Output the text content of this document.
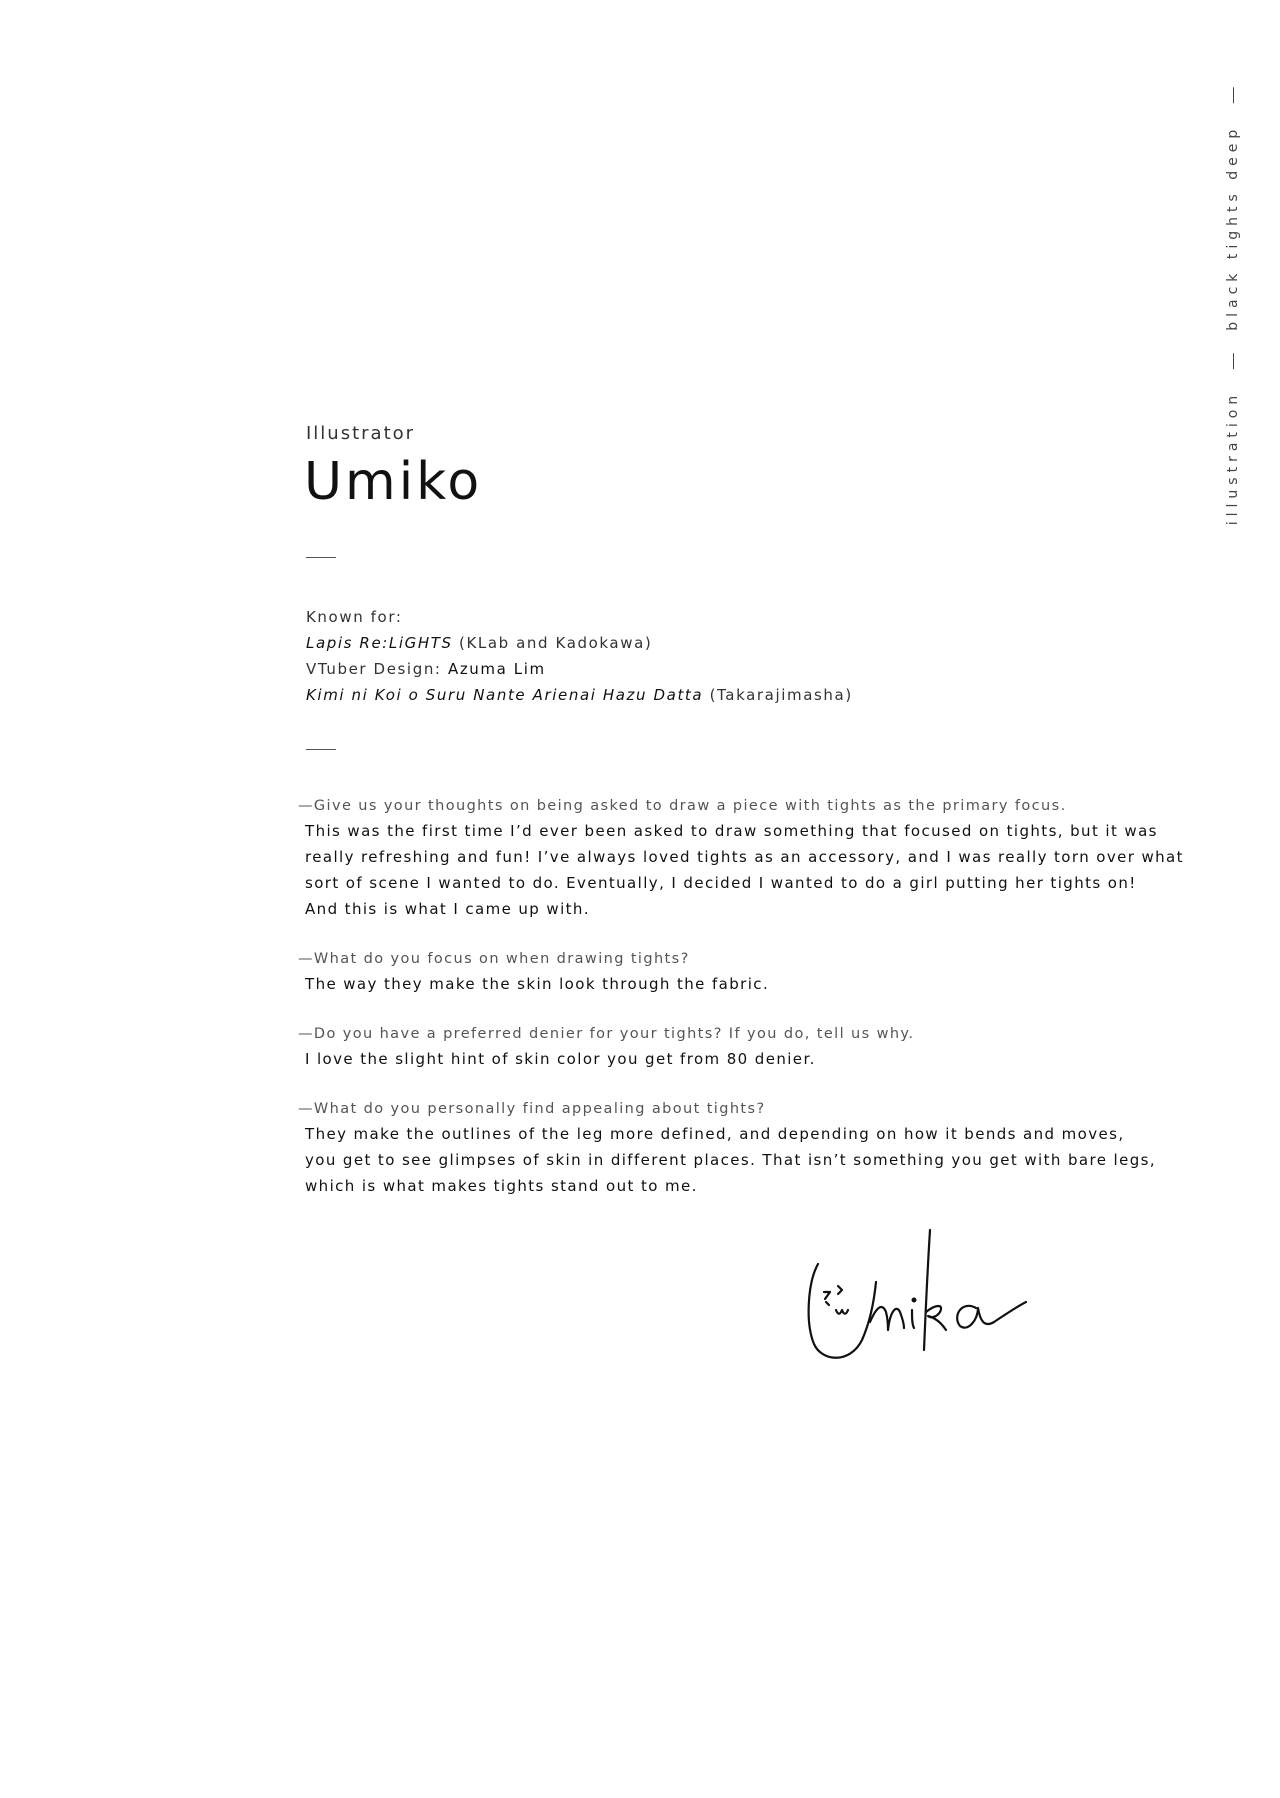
illustration
black tights deep
Illustrator
Umiko
Known for:
Lapis Re:LiGHTS (KLab and Kadokawa)
VTuber Design: Azuma Lim
Kimi ni Koi o Suru Nante Arienai Hazu Datta (Takarajimasha)
—Give us your thoughts on being asked to draw a piece with tights as the primary focus.
This was the first time I’d ever been asked to draw something that focused on tights, but it was
really refreshing and fun! I’ve always loved tights as an accessory, and I was really torn over what
sort of scene I wanted to do. Eventually, I decided I wanted to do a girl putting her tights on!
And this is what I came up with.
—What do you focus on when drawing tights?
The way they make the skin look through the fabric.
—Do you have a preferred denier for your tights? If you do, tell us why.
I love the slight hint of skin color you get from 80 denier.
—What do you personally find appealing about tights?
They make the outlines of the leg more defined, and depending on how it bends and moves,
you get to see glimpses of skin in different places. That isn’t something you get with bare legs,
which is what makes tights stand out to me.
